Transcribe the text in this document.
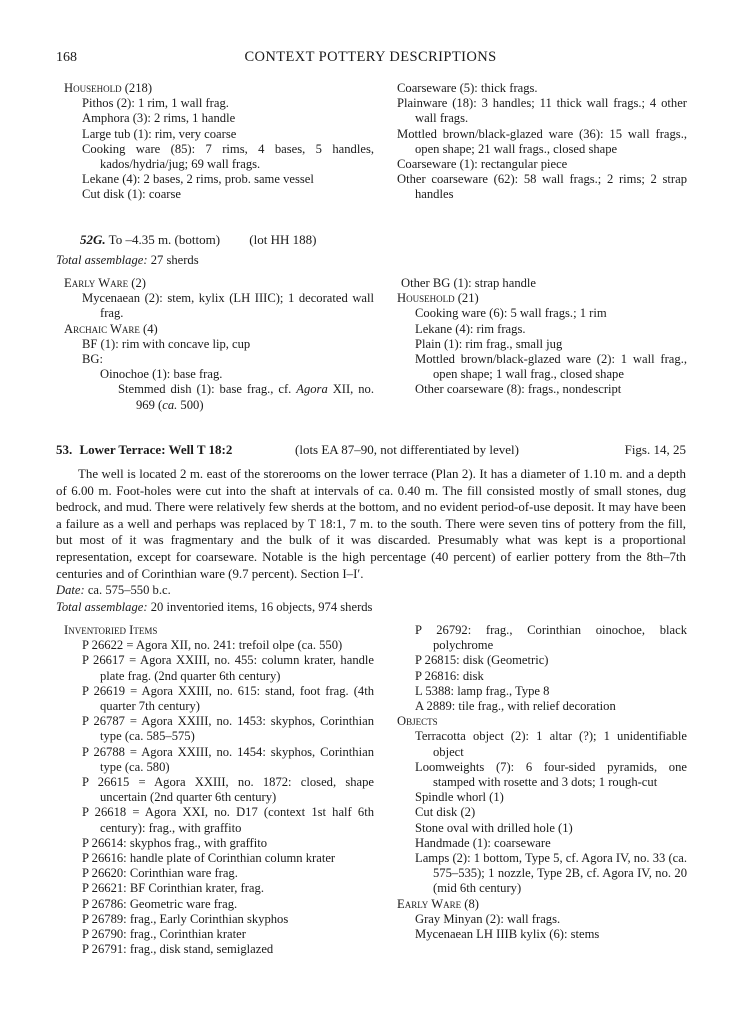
168	CONTEXT POTTERY DESCRIPTIONS
Household (218)
Pithos (2): 1 rim, 1 wall frag.
Amphora (3): 2 rims, 1 handle
Large tub (1): rim, very coarse
Cooking ware (85): 7 rims, 4 bases, 5 handles, kados/hydria/jug; 69 wall frags.
Lekane (4): 2 bases, 2 rims, prob. same vessel
Cut disk (1): coarse
Coarseware (5): thick frags.
Plainware (18): 3 handles; 11 thick wall frags.; 4 other wall frags.
Mottled brown/black-glazed ware (36): 15 wall frags., open shape; 21 wall frags., closed shape
Coarseware (1): rectangular piece
Other coarseware (62): 58 wall frags.; 2 rims; 2 strap handles
52G. To –4.35 m. (bottom) (lot HH 188)
Total assemblage: 27 sherds
Early Ware (2)
Mycenaean (2): stem, kylix (LH IIIC); 1 decorated wall frag.
Archaic Ware (4)
BF (1): rim with concave lip, cup
BG:
Oinochoe (1): base frag.
Stemmed dish (1): base frag., cf. Agora XII, no. 969 (ca. 500)
Other BG (1): strap handle
Household (21)
Cooking ware (6): 5 wall frags.; 1 rim
Lekane (4): rim frags.
Plain (1): rim frag., small jug
Mottled brown/black-glazed ware (2): 1 wall frag., open shape; 1 wall frag., closed shape
Other coarseware (8): frags., nondescript
53. Lower Terrace: Well T 18:2	(lots EA 87–90, not differentiated by level)	Figs. 14, 25
The well is located 2 m. east of the storerooms on the lower terrace (Plan 2). It has a diameter of 1.10 m. and a depth of 6.00 m. Foot-holes were cut into the shaft at intervals of ca. 0.40 m. The fill consisted mostly of small stones, dug bedrock, and mud. There were relatively few sherds at the bottom, and no evident period-of-use deposit. It may have been a failure as a well and perhaps was replaced by T 18:1, 7 m. to the south. There were seven tins of pottery from the fill, but most of it was fragmentary and the bulk of it was discarded. Presumably what was kept is a proportional representation, except for coarseware. Notable is the high percentage (40 percent) of earlier pottery from the 8th–7th centuries and of Corinthian ware (9.7 percent). Section I–I′.
Date: ca. 575–550 b.c.
Total assemblage: 20 inventoried items, 16 objects, 974 sherds
Inventoried Items
P 26622 = Agora XII, no. 241: trefoil olpe (ca. 550)
P 26617 = Agora XXIII, no. 455: column krater, handle plate frag. (2nd quarter 6th century)
P 26619 = Agora XXIII, no. 615: stand, foot frag. (4th quarter 7th century)
P 26787 = Agora XXIII, no. 1453: skyphos, Corinthian type (ca. 585–575)
P 26788 = Agora XXIII, no. 1454: skyphos, Corinthian type (ca. 580)
P 26615 = Agora XXIII, no. 1872: closed, shape uncertain (2nd quarter 6th century)
P 26618 = Agora XXI, no. D17 (context 1st half 6th century): frag., with graffito
P 26614: skyphos frag., with graffito
P 26616: handle plate of Corinthian column krater
P 26620: Corinthian ware frag.
P 26621: BF Corinthian krater, frag.
P 26786: Geometric ware frag.
P 26789: frag., Early Corinthian skyphos
P 26790: frag., Corinthian krater
P 26791: frag., disk stand, semiglazed
P 26792: frag., Corinthian oinochoe, black polychrome
P 26815: disk (Geometric)
P 26816: disk
L 5388: lamp frag., Type 8
A 2889: tile frag., with relief decoration
Objects
Terracotta object (2): 1 altar (?); 1 unidentifiable object
Loomweights (7): 6 four-sided pyramids, one stamped with rosette and 3 dots; 1 rough-cut
Spindle whorl (1)
Cut disk (2)
Stone oval with drilled hole (1)
Handmade (1): coarseware
Lamps (2): 1 bottom, Type 5, cf. Agora IV, no. 33 (ca. 575–535); 1 nozzle, Type 2B, cf. Agora IV, no. 20 (mid 6th century)
Early Ware (8)
Gray Minyan (2): wall frags.
Mycenaean LH IIIB kylix (6): stems
